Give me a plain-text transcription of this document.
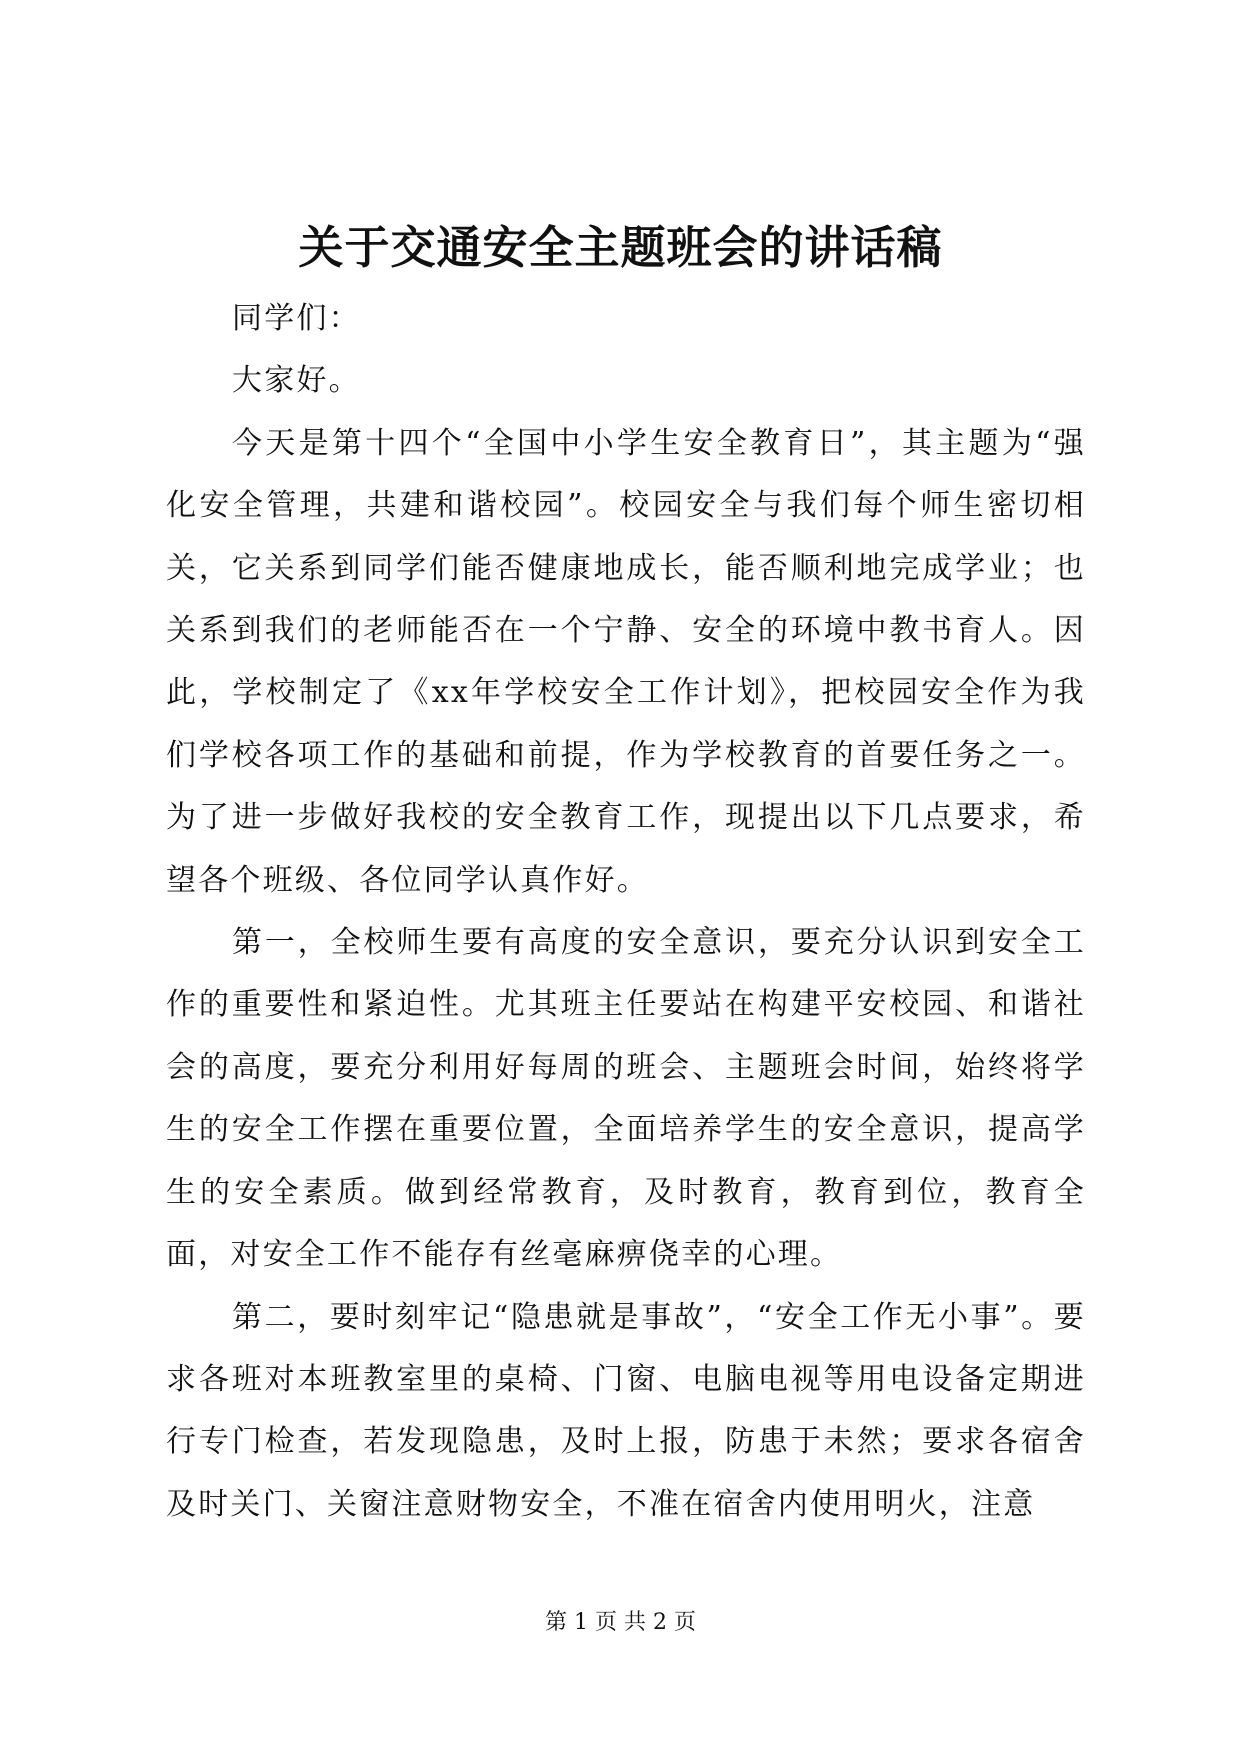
关于交通安全主题班会的讲话稿

同学们：

大家好。

今天是第十四个“全国中小学生安全教育日”，其主题为“强化安全管理，共建和谐校园”。校园安全与我们每个师生密切相关，它关系到同学们能否健康地成长，能否顺利地完成学业；也关系到我们的老师能否在一个宁静、安全的环境中教书育人。因此，学校制定了《xx年学校安全工作计划》，把校园安全作为我们学校各项工作的基础和前提，作为学校教育的首要任务之一。为了进一步做好我校的安全教育工作，现提出以下几点要求，希望各个班级、各位同学认真作好。

第一，全校师生要有高度的安全意识，要充分认识到安全工作的重要性和紧迫性。尤其班主任要站在构建平安校园、和谐社会的高度，要充分利用好每周的班会、主题班会时间，始终将学生的安全工作摆在重要位置，全面培养学生的安全意识，提高学生的安全素质。做到经常教育，及时教育，教育到位，教育全面，对安全工作不能存有丝毫麻痹侥幸的心理。

第二，要时刻牢记“隐患就是事故”，“安全工作无小事”。要求各班对本班教室里的桌椅、门窗、电脑电视等用电设备定期进行专门检查，若发现隐患，及时上报，防患于未然；要求各宿舍及时关门、关窗注意财物安全，不准在宿舍内使用明火，注意

第 1 页 共 2 页
